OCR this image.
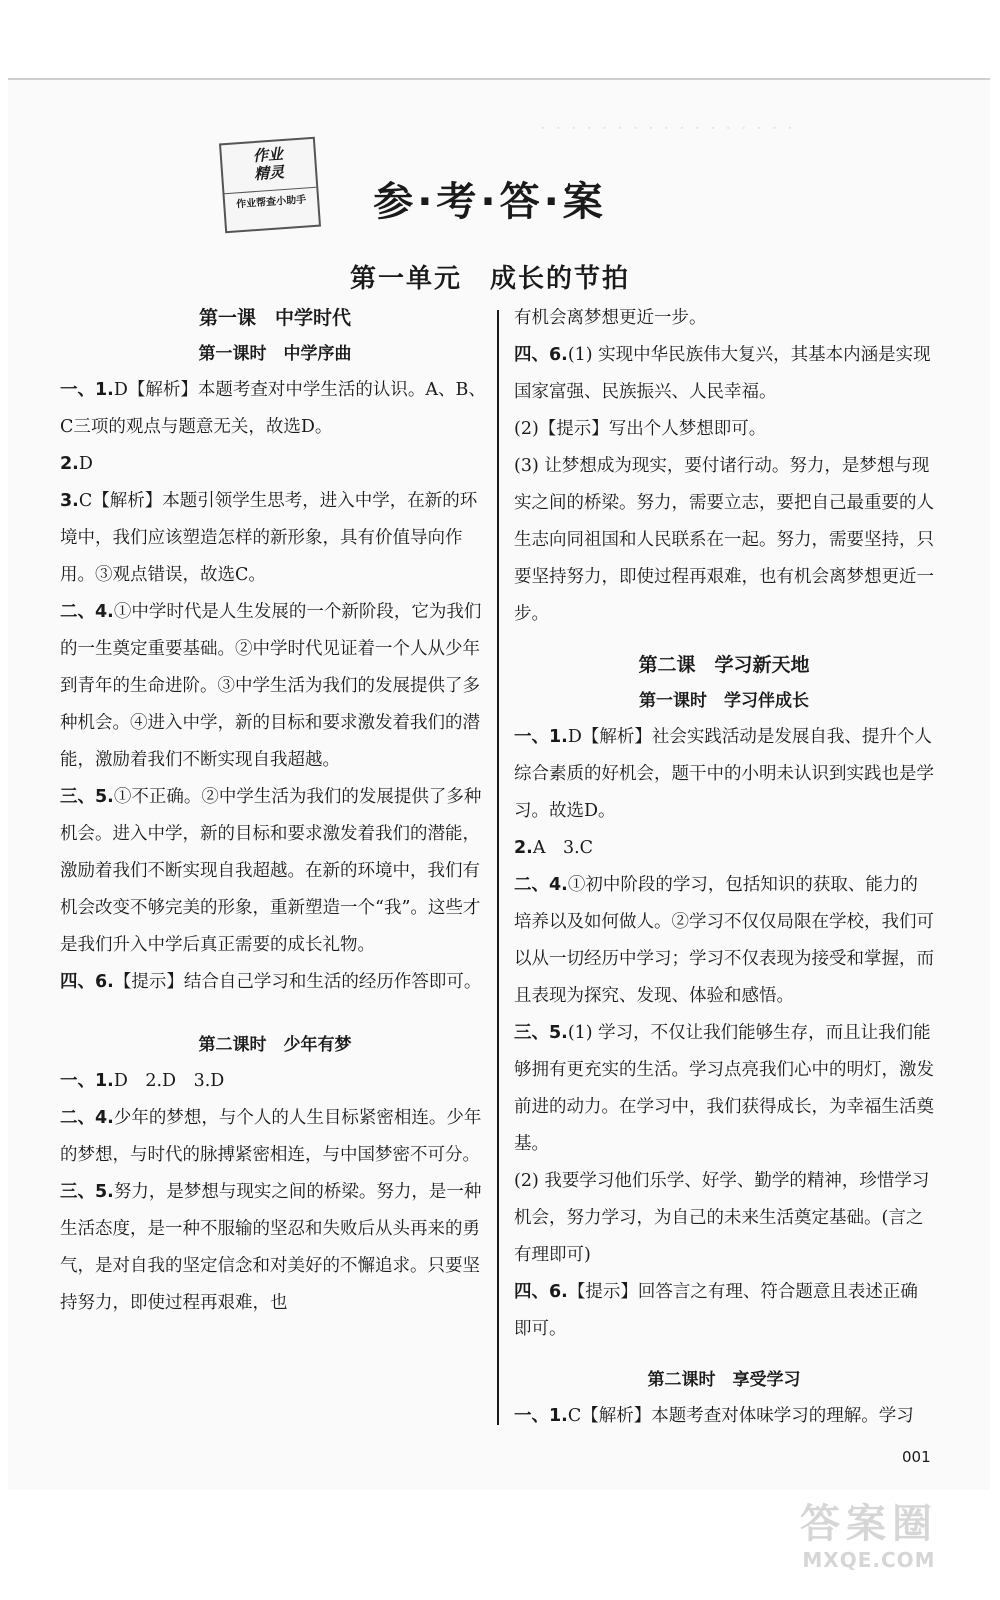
· · · · · · · · · · · · · · · · ·
作业
精灵
作业帮查小助手	参·考·答·案
第一单元　成长的节拍
第一课　中学时代
第一课时　中学序曲

一、1.D【解析】本题考查对中学生活的认识。A、B、C三项的观点与题意无关，故选D。

2.D

3.C【解析】本题引领学生思考，进入中学，在新的环境中，我们应该塑造怎样的新形象，具有价值导向作用。③观点错误，故选C。

二、4.①中学时代是人生发展的一个新阶段，它为我们的一生奠定重要基础。②中学时代见证着一个人从少年到青年的生命进阶。③中学生活为我们的发展提供了多种机会。④进入中学，新的目标和要求激发着我们的潜能，激励着我们不断实现自我超越。

三、5.①不正确。②中学生活为我们的发展提供了多种机会。进入中学，新的目标和要求激发着我们的潜能，激励着我们不断实现自我超越。在新的环境中，我们有机会改变不够完美的形象，重新塑造一个“我”。这些才是我们升入中学后真正需要的成长礼物。

四、6.【提示】结合自己学习和生活的经历作答即可。

第二课时　少年有梦

一、1.D　2.D　3.D

二、4.少年的梦想，与个人的人生目标紧密相连。少年的梦想，与时代的脉搏紧密相连，与中国梦密不可分。

三、5.努力，是梦想与现实之间的桥梁。努力，是一种生活态度，是一种不服输的坚忍和失败后从头再来的勇气，是对自我的坚定信念和对美好的不懈追求。只要坚持努力，即使过程再艰难，也

有机会离梦想更近一步。

四、6.(1) 实现中华民族伟大复兴，其基本内涵是实现国家富强、民族振兴、人民幸福。

(2)【提示】写出个人梦想即可。

(3) 让梦想成为现实，要付诸行动。努力，是梦想与现实之间的桥梁。努力，需要立志，要把自己最重要的人生志向同祖国和人民联系在一起。努力，需要坚持，只要坚持努力，即使过程再艰难，也有机会离梦想更近一步。

第二课　学习新天地
第一课时　学习伴成长

一、1.D【解析】社会实践活动是发展自我、提升个人综合素质的好机会，题干中的小明未认识到实践也是学习。故选D。

2.A　3.C

二、4.①初中阶段的学习，包括知识的获取、能力的培养以及如何做人。②学习不仅仅局限在学校，我们可以从一切经历中学习；学习不仅表现为接受和掌握，而且表现为探究、发现、体验和感悟。

三、5.(1) 学习，不仅让我们能够生存，而且让我们能够拥有更充实的生活。学习点亮我们心中的明灯，激发前进的动力。在学习中，我们获得成长，为幸福生活奠基。

(2) 我要学习他们乐学、好学、勤学的精神，珍惜学习机会，努力学习，为自己的未来生活奠定基础。(言之有理即可)

四、6.【提示】回答言之有理、符合题意且表述正确即可。

第二课时　享受学习

一、1.C【解析】本题考查对体味学习的理解。学习

001
答案圈
MXQE.COM
